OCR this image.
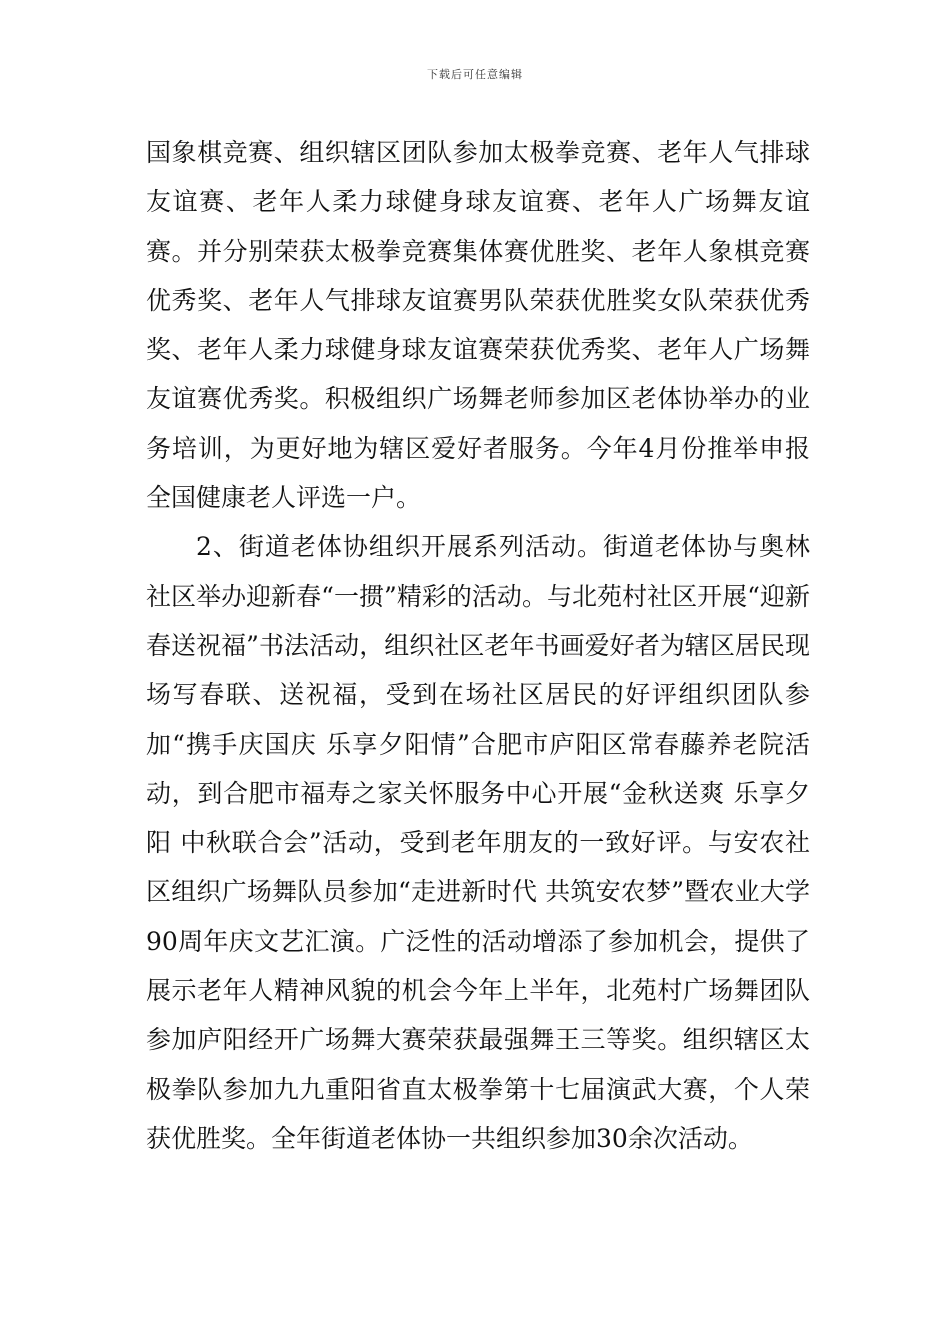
下载后可任意编辑

国象棋竞赛、组织辖区团队参加太极拳竞赛、老年人气排球友谊赛、老年人柔力球健身球友谊赛、老年人广场舞友谊赛。并分别荣获太极拳竞赛集体赛优胜奖、老年人象棋竞赛优秀奖、老年人气排球友谊赛男队荣获优胜奖女队荣获优秀奖、老年人柔力球健身球友谊赛荣获优秀奖、老年人广场舞友谊赛优秀奖。积极组织广场舞老师参加区老体协举办的业务培训，为更好地为辖区爱好者服务。今年4月份推举申报全国健康老人评选一户。

2、街道老体协组织开展系列活动。街道老体协与奥林社区举办迎新春“一掼”精彩的活动。与北苑村社区开展“迎新春送祝福”书法活动，组织社区老年书画爱好者为辖区居民现场写春联、送祝福，受到在场社区居民的好评组织团队参加“携手庆国庆 乐享夕阳情”合肥市庐阳区常春藤养老院活动，到合肥市福寿之家关怀服务中心开展“金秋送爽 乐享夕阳 中秋联合会”活动，受到老年朋友的一致好评。与安农社区组织广场舞队员参加“走进新时代 共筑安农梦”暨农业大学90周年庆文艺汇演。广泛性的活动增添了参加机会，提供了展示老年人精神风貌的机会今年上半年，北苑村广场舞团队参加庐阳经开广场舞大赛荣获最强舞王三等奖。组织辖区太极拳队参加九九重阳省直太极拳第十七届演武大赛，个人荣获优胜奖。全年街道老体协一共组织参加30余次活动。
